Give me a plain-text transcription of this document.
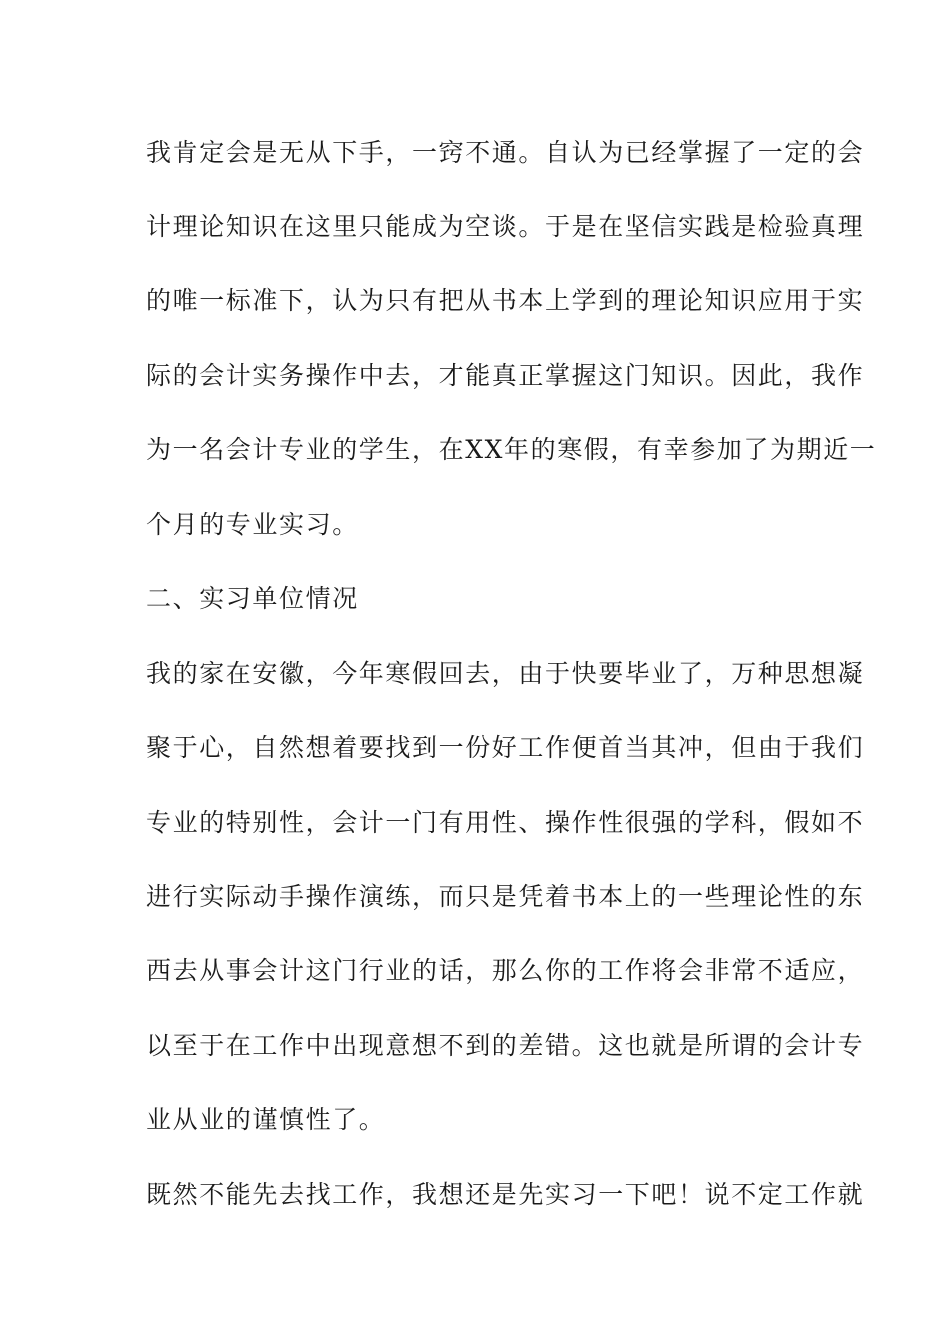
我肯定会是无从下手，一窍不通。自认为已经掌握了一定的会
计理论知识在这里只能成为空谈。于是在坚信实践是检验真理
的唯一标准下，认为只有把从书本上学到的理论知识应用于实
际的会计实务操作中去，才能真正掌握这门知识。因此，我作
为一名会计专业的学生，在XX年的寒假，有幸参加了为期近一
个月的专业实习。
二、实习单位情况
我的家在安徽，今年寒假回去，由于快要毕业了，万种思想凝
聚于心，自然想着要找到一份好工作便首当其冲，但由于我们
专业的特别性，会计一门有用性、操作性很强的学科，假如不
进行实际动手操作演练，而只是凭着书本上的一些理论性的东
西去从事会计这门行业的话，那么你的工作将会非常不适应，
以至于在工作中出现意想不到的差错。这也就是所谓的会计专
业从业的谨慎性了。
既然不能先去找工作，我想还是先实习一下吧！说不定工作就
